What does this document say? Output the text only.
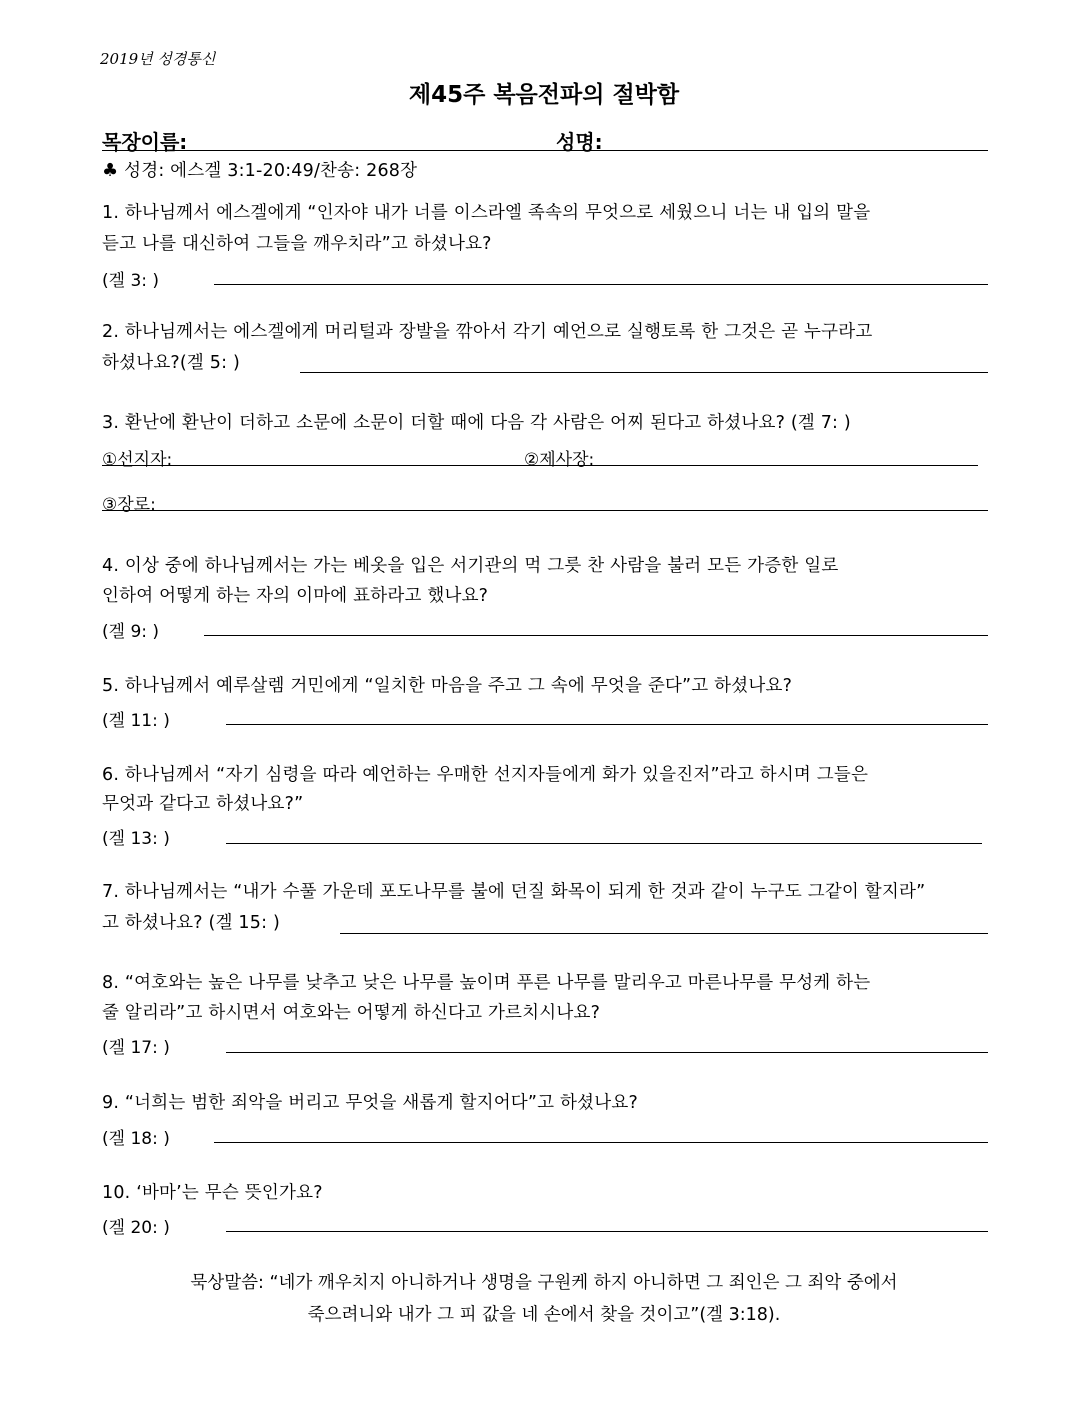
2019년 성경통신
제45주 복음전파의 절박함
목장이름:	성명:
♣ 성경: 에스겔 3:1-20:49/찬송: 268장
1. 하나님께서 에스겔에게 “인자야 내가 너를 이스라엘 족속의 무엇으로 세웠으니 너는 내 입의 말을
듣고 나를 대신하여 그들을 깨우치라”고 하셨나요?
(겔 3: )
2. 하나님께서는 에스겔에게 머리털과 장발을 깎아서 각기 예언으로 실행토록 한 그것은 곧 누구라고
하셨나요?(겔 5: )
3. 환난에 환난이 더하고 소문에 소문이 더할 때에 다음 각 사람은 어찌 된다고 하셨나요? (겔 7: )
①선지자:	②제사장:
③장로:
4. 이상 중에 하나님께서는 가는 베옷을 입은 서기관의 먹 그릇 찬 사람을 불러 모든 가증한 일로
인하여 어떻게 하는 자의 이마에 표하라고 했나요?
(겔 9: )
5. 하나님께서 예루살렘 거민에게 “일치한 마음을 주고 그 속에 무엇을 준다”고 하셨나요?
(겔 11: )
6. 하나님께서 “자기 심령을 따라 예언하는 우매한 선지자들에게 화가 있을진저”라고 하시며 그들은
무엇과 같다고 하셨나요?”
(겔 13: )
7. 하나님께서는 “내가 수풀 가운데 포도나무를 불에 던질 화목이 되게 한 것과 같이 누구도 그같이 할지라”
고 하셨나요? (겔 15: )
8. “여호와는 높은 나무를 낮추고 낮은 나무를 높이며 푸른 나무를 말리우고 마른나무를 무성케 하는
줄 알리라”고 하시면서 여호와는 어떻게 하신다고 가르치시나요?
(겔 17: )
9. “너희는 범한 죄악을 버리고 무엇을 새롭게 할지어다”고 하셨나요?
(겔 18: )
10. ‘바마’는 무슨 뜻인가요?
(겔 20: )
묵상말씀: “네가 깨우치지 아니하거나 생명을 구원케 하지 아니하면 그 죄인은 그 죄악 중에서
죽으려니와 내가 그 피 값을 네 손에서 찾을 것이고”(겔 3:18).
